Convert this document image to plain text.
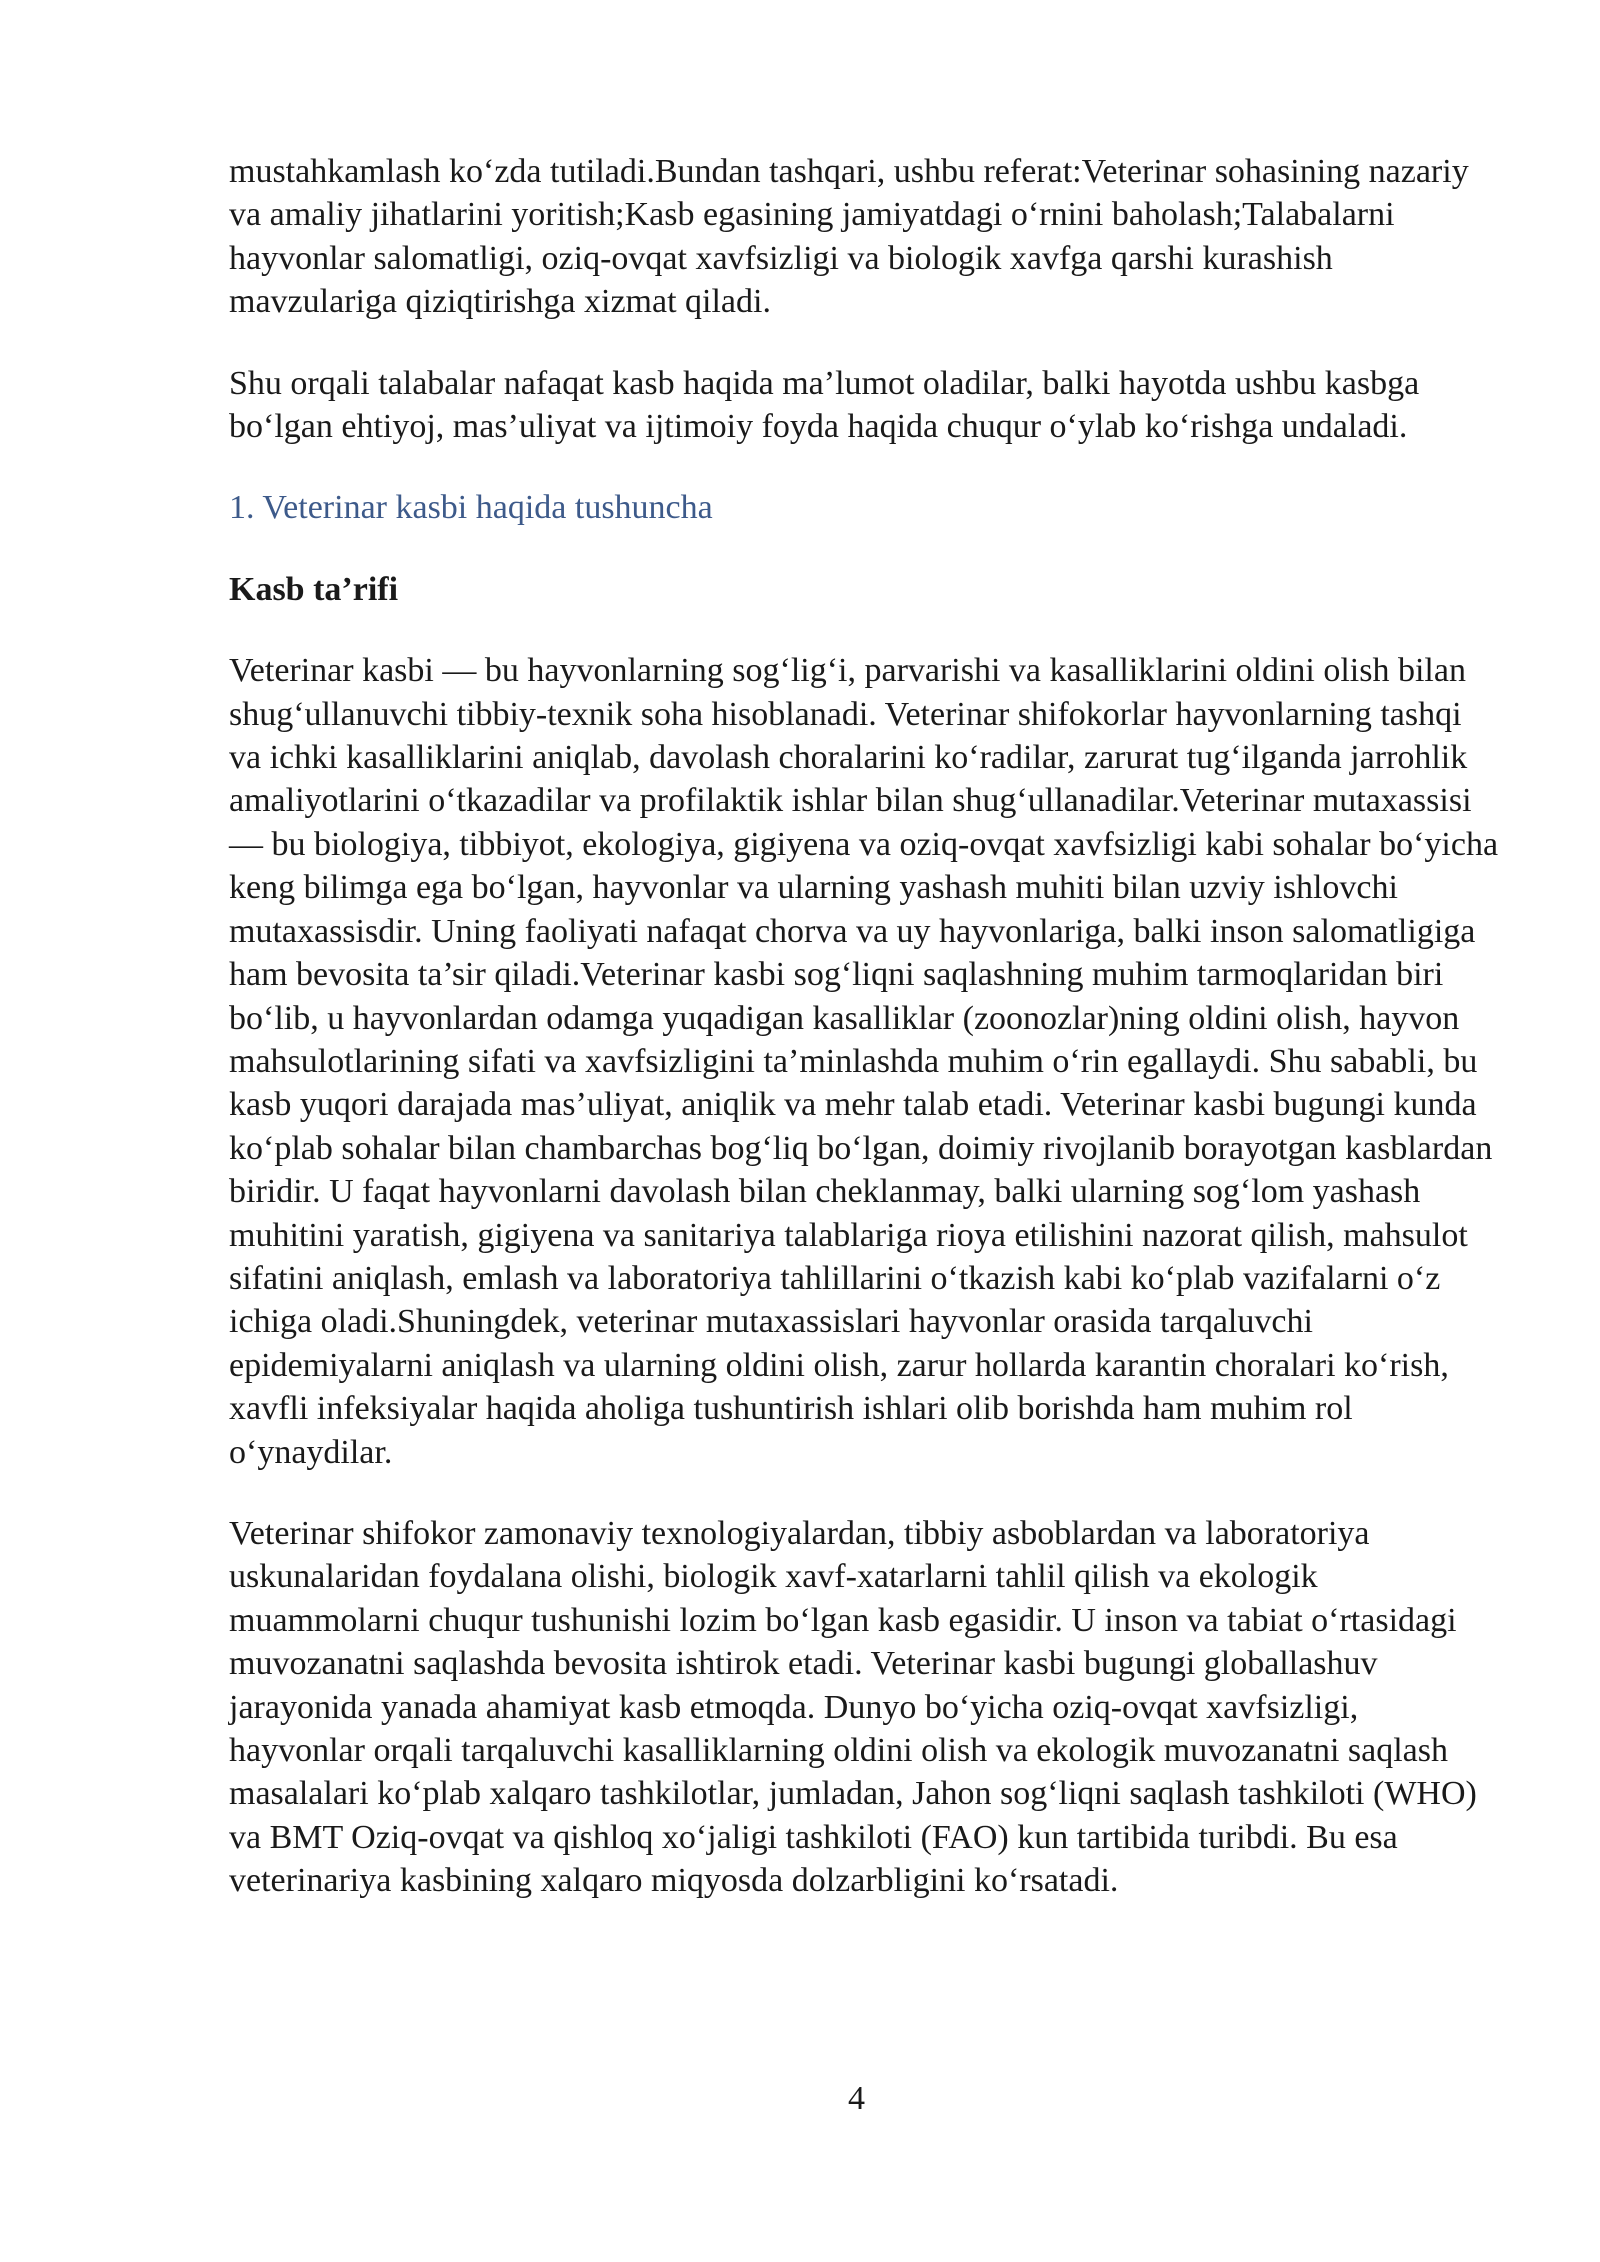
mustahkamlash ko‘zda tutiladi.Bundan tashqari, ushbu referat:Veterinar sohasining nazariy va amaliy jihatlarini yoritish;Kasb egasining jamiyatdagi o‘rnini baholash;Talabalarni hayvonlar salomatligi, oziq-ovqat xavfsizligi va biologik xavfga qarshi kurashish mavzulariga qiziqtirishga xizmat qiladi.

Shu orqali talabalar nafaqat kasb haqida ma’lumot oladilar, balki hayotda ushbu kasbga bo‘lgan ehtiyoj, mas’uliyat va ijtimoiy foyda haqida chuqur o‘ylab ko‘rishga undaladi.

1. Veterinar kasbi haqida tushuncha

Kasb ta’rifi

Veterinar kasbi — bu hayvonlarning sog‘lig‘i, parvarishi va kasalliklarini oldini olish bilan shug‘ullanuvchi tibbiy-texnik soha hisoblanadi. Veterinar shifokorlar hayvonlarning tashqi va ichki kasalliklarini aniqlab, davolash choralarini ko‘radilar, zarurat tug‘ilganda jarrohlik amaliyotlarini o‘tkazadilar va profilaktik ishlar bilan shug‘ullanadilar.Veterinar mutaxassisi — bu biologiya, tibbiyot, ekologiya, gigiyena va oziq-ovqat xavfsizligi kabi sohalar bo‘yicha keng bilimga ega bo‘lgan, hayvonlar va ularning yashash muhiti bilan uzviy ishlovchi mutaxassisdir. Uning faoliyati nafaqat chorva va uy hayvonlariga, balki inson salomatligiga ham bevosita ta’sir qiladi.Veterinar kasbi sog‘liqni saqlashning muhim tarmoqlaridan biri bo‘lib, u hayvonlardan odamga yuqadigan kasalliklar (zoonozlar)ning oldini olish, hayvon mahsulotlarining sifati va xavfsizligini ta’minlashda muhim o‘rin egallaydi. Shu sababli, bu kasb yuqori darajada mas’uliyat, aniqlik va mehr talab etadi. Veterinar kasbi bugungi kunda ko‘plab sohalar bilan chambarchas bog‘liq bo‘lgan, doimiy rivojlanib borayotgan kasblardan biridir. U faqat hayvonlarni davolash bilan cheklanmay, balki ularning sog‘lom yashash muhitini yaratish, gigiyena va sanitariya talablariga rioya etilishini nazorat qilish, mahsulot sifatini aniqlash, emlash va laboratoriya tahlillarini o‘tkazish kabi ko‘plab vazifalarni o‘z ichiga oladi.Shuningdek, veterinar mutaxassislari hayvonlar orasida tarqaluvchi epidemiyalarni aniqlash va ularning oldini olish, zarur hollarda karantin choralari ko‘rish, xavfli infeksiyalar haqida aholiga tushuntirish ishlari olib borishda ham muhim rol o‘ynaydilar.

Veterinar shifokor zamonaviy texnologiyalardan, tibbiy asboblardan va laboratoriya uskunalaridan foydalana olishi, biologik xavf-xatarlarni tahlil qilish va ekologik muammolarni chuqur tushunishi lozim bo‘lgan kasb egasidir. U inson va tabiat o‘rtasidagi muvozanatni saqlashda bevosita ishtirok etadi. Veterinar kasbi bugungi globallashuv jarayonida yanada ahamiyat kasb etmoqda. Dunyo bo‘yicha oziq-ovqat xavfsizligi, hayvonlar orqali tarqaluvchi kasalliklarning oldini olish va ekologik muvozanatni saqlash masalalari ko‘plab xalqaro tashkilotlar, jumladan, Jahon sog‘liqni saqlash tashkiloti (WHO) va BMT Oziq-ovqat va qishloq xo‘jaligi tashkiloti (FAO) kun tartibida turibdi. Bu esa veterinariya kasbining xalqaro miqyosda dolzarbligini ko‘rsatadi.

4
